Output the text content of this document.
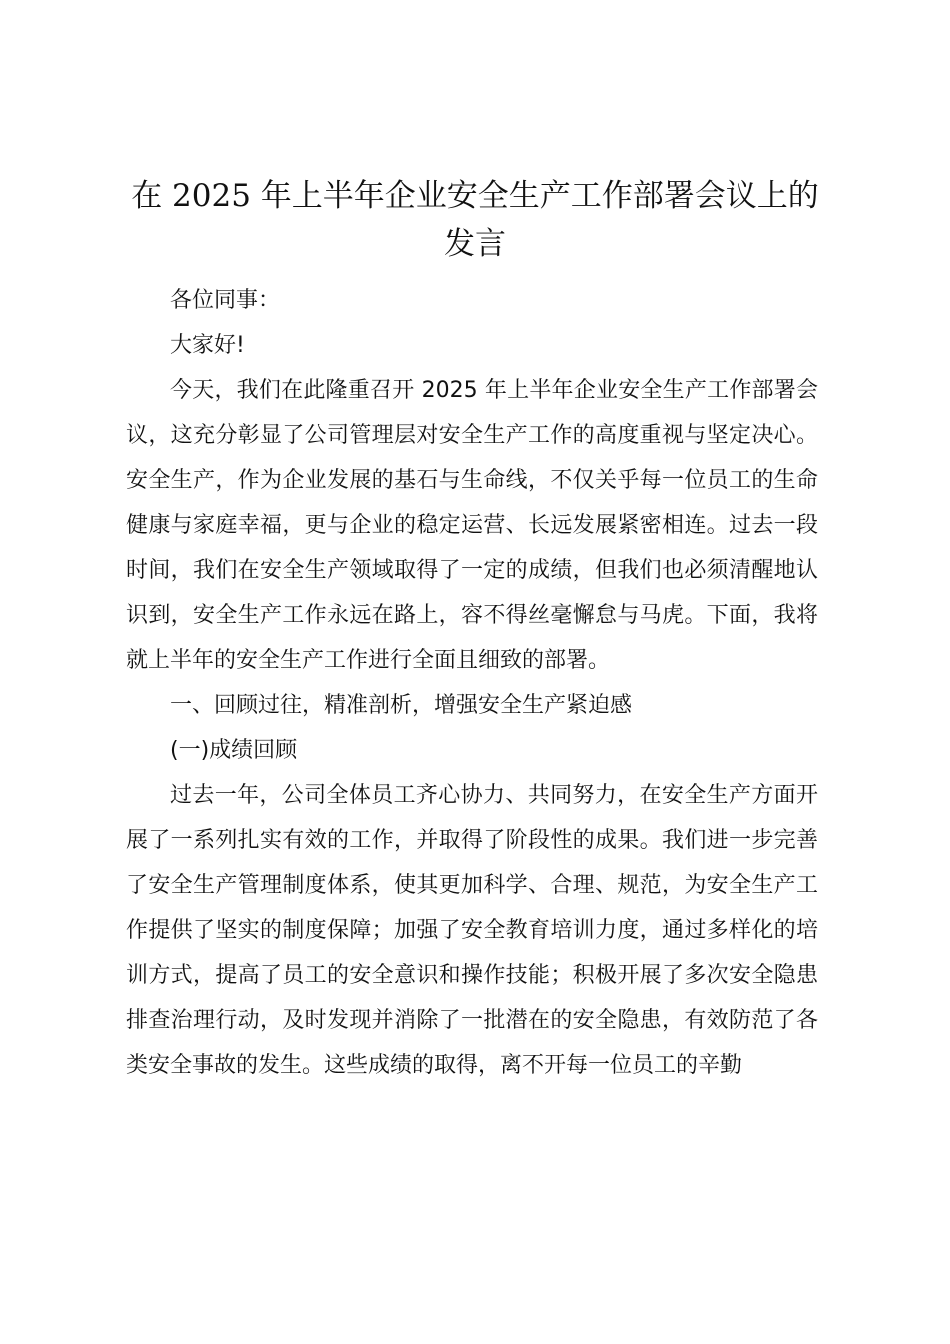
在 2025 年上半年企业安全生产工作部署会议上的发言

各位同事：

大家好!

今天，我们在此隆重召开 2025 年上半年企业安全生产工作部署会议，这充分彰显了公司管理层对安全生产工作的高度重视与坚定决心。安全生产，作为企业发展的基石与生命线，不仅关乎每一位员工的生命健康与家庭幸福，更与企业的稳定运营、长远发展紧密相连。过去一段时间，我们在安全生产领域取得了一定的成绩，但我们也必须清醒地认识到，安全生产工作永远在路上，容不得丝毫懈怠与马虎。下面，我将就上半年的安全生产工作进行全面且细致的部署。

一、回顾过往，精准剖析，增强安全生产紧迫感

(一)成绩回顾

过去一年，公司全体员工齐心协力、共同努力，在安全生产方面开展了一系列扎实有效的工作，并取得了阶段性的成果。我们进一步完善了安全生产管理制度体系，使其更加科学、合理、规范，为安全生产工作提供了坚实的制度保障；加强了安全教育培训力度，通过多样化的培训方式，提高了员工的安全意识和操作技能；积极开展了多次安全隐患排查治理行动，及时发现并消除了一批潜在的安全隐患，有效防范了各类安全事故的发生。这些成绩的取得，离不开每一位员工的辛勤
